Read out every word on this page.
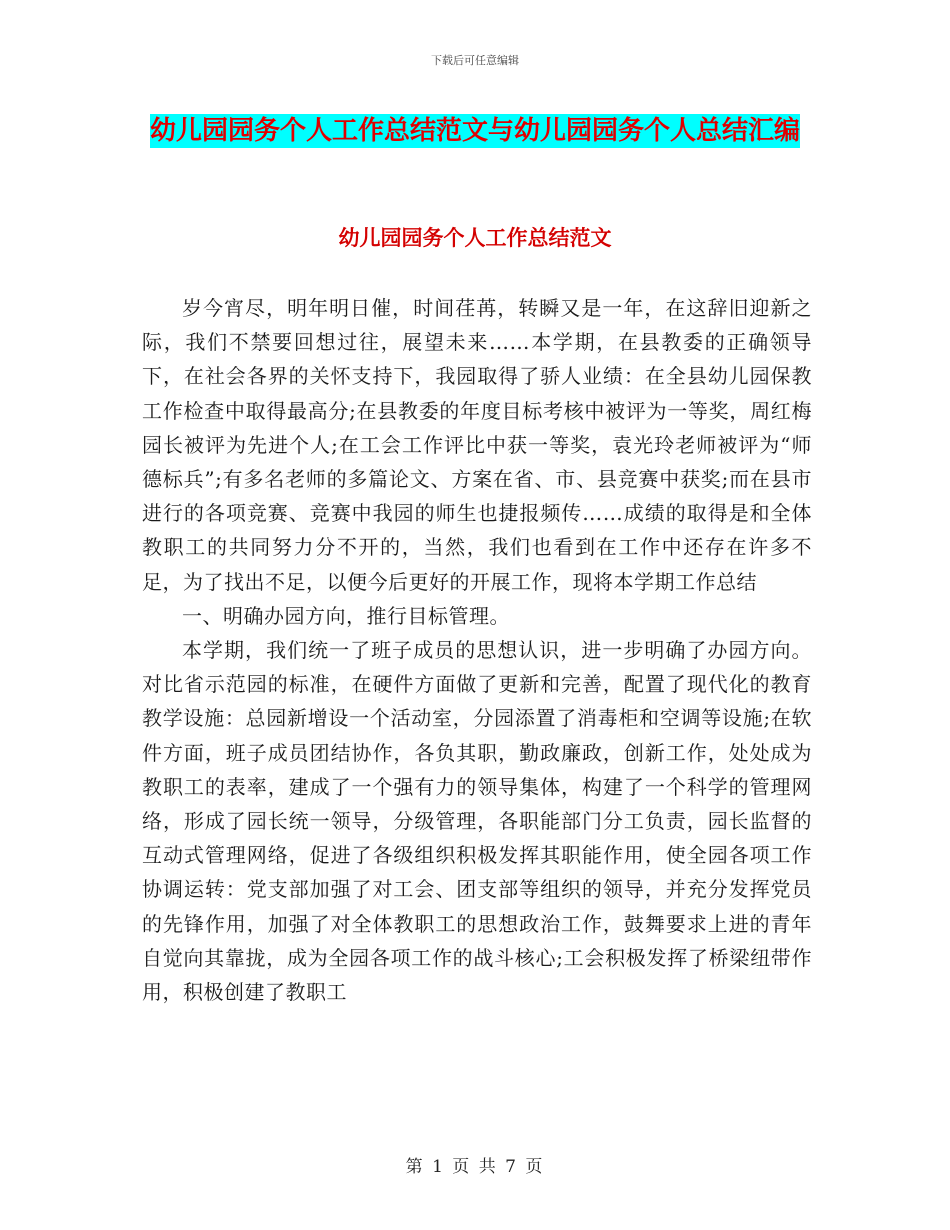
下载后可任意编辑
幼儿园园务个人工作总结范文与幼儿园园务个人总结汇编
幼儿园园务个人工作总结范文

岁今宵尽，明年明日催，时间荏苒，转瞬又是一年，在这辞旧迎新之际，我们不禁要回想过往，展望未来……本学期，在县教委的正确领导下，在社会各界的关怀支持下，我园取得了骄人业绩：在全县幼儿园保教工作检查中取得最高分;在县教委的年度目标考核中被评为一等奖，周红梅园长被评为先进个人;在工会工作评比中获一等奖，袁光玲老师被评为“师德标兵”;有多名老师的多篇论文、方案在省、市、县竞赛中获奖;而在县市进行的各项竞赛、竞赛中我园的师生也捷报频传……成绩的取得是和全体教职工的共同努力分不开的，当然，我们也看到在工作中还存在许多不足，为了找出不足，以便今后更好的开展工作，现将本学期工作总结

一、明确办园方向，推行目标管理。

本学期，我们统一了班子成员的思想认识，进一步明确了办园方向。对比省示范园的标准，在硬件方面做了更新和完善，配置了现代化的教育教学设施：总园新增设一个活动室，分园添置了消毒柜和空调等设施;在软件方面，班子成员团结协作，各负其职，勤政廉政，创新工作，处处成为教职工的表率，建成了一个强有力的领导集体，构建了一个科学的管理网络，形成了园长统一领导，分级管理，各职能部门分工负责，园长监督的互动式管理网络，促进了各级组织积极发挥其职能作用，使全园各项工作协调运转：党支部加强了对工会、团支部等组织的领导，并充分发挥党员的先锋作用，加强了对全体教职工的思想政治工作，鼓舞要求上进的青年自觉向其靠拢，成为全园各项工作的战斗核心;工会积极发挥了桥梁纽带作用，积极创建了教职工

第 1 页 共 7 页
